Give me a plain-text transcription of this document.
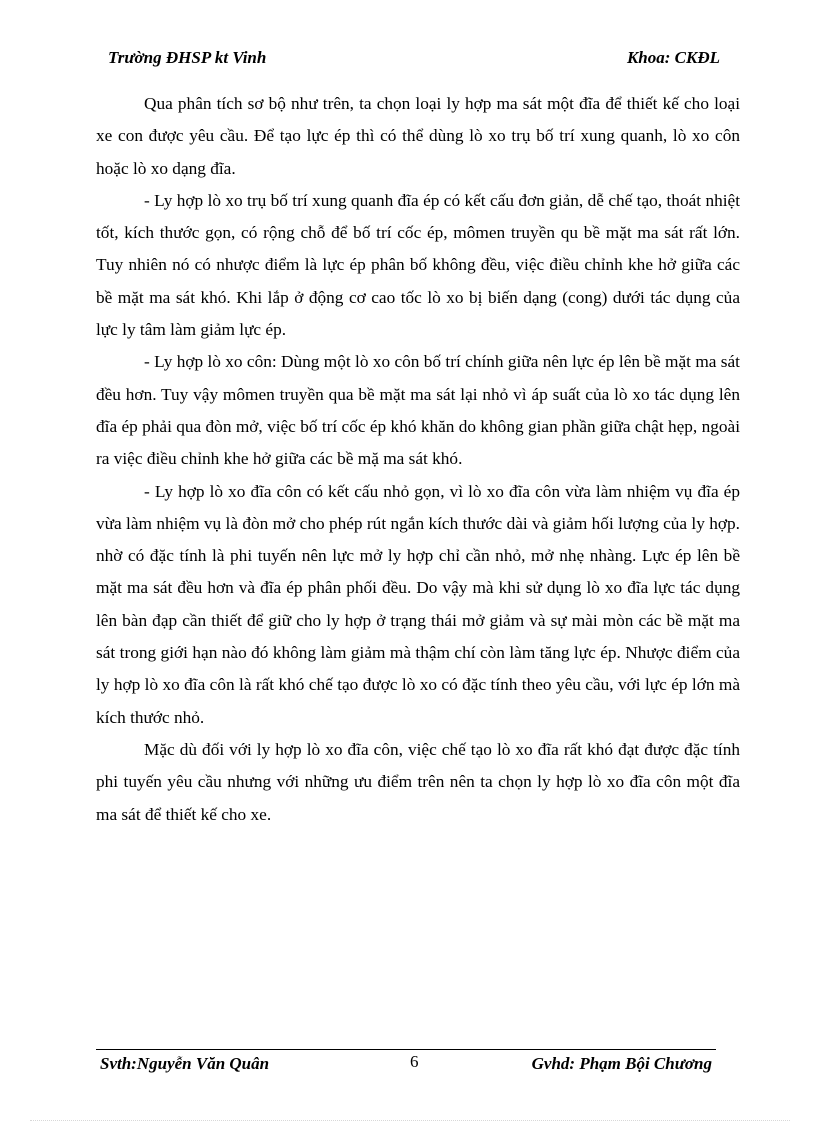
Trường ĐHSP kt Vinh	Khoa: CKĐL

Qua phân tích sơ bộ như trên, ta chọn loại ly hợp ma sát một đĩa để thiết kế cho loại xe con được yêu cầu. Để tạo lực ép thì có thể dùng lò xo trụ bố trí xung quanh, lò xo côn hoặc lò xo dạng đĩa.

- Ly hợp lò xo trụ bố trí xung quanh đĩa ép có kết cấu đơn giản, dễ chế tạo, thoát nhiệt tốt, kích thước gọn, có rộng chỗ để bố trí cốc ép, mômen truyền qu bề mặt ma sát rất lớn. Tuy nhiên nó có nhược điểm là lực ép phân bố không đều, việc điều chỉnh khe hở giữa các bề mặt ma sát khó. Khi lắp ở động cơ cao tốc lò xo bị biến dạng (cong) dưới tác dụng của lực ly tâm làm giảm lực ép.

- Ly hợp lò xo côn: Dùng một lò xo côn bố trí chính giữa nên lực ép lên bề mặt ma sát đều hơn. Tuy vậy mômen truyền qua bề mặt ma sát lại nhỏ vì áp suất của lò xo tác dụng lên đĩa ép phải qua đòn mở, việc bố trí cốc ép khó khăn do không gian phần giữa chật hẹp, ngoài ra việc điều chỉnh khe hở giữa các bề mặ ma sát khó.

- Ly hợp lò xo đĩa côn có kết cấu nhỏ gọn, vì lò xo đĩa côn vừa làm nhiệm vụ đĩa ép vừa làm nhiệm vụ là đòn mở cho phép rút ngắn kích thước dài và giảm hối lượng của ly hợp. nhờ có đặc tính là phi tuyến nên lực mở ly hợp chỉ cần nhỏ, mở nhẹ nhàng. Lực ép lên bề mặt ma sát đều hơn và đĩa ép phân phối đều. Do vậy mà khi sử dụng lò xo đĩa lực tác dụng lên bàn đạp cần thiết để giữ cho ly hợp ở trạng thái mở giảm và sự mài mòn các bề mặt ma sát trong giới hạn nào đó không làm giảm mà thậm chí còn làm tăng lực ép. Nhược điểm của ly hợp lò xo đĩa côn là rất khó chế tạo được lò xo có đặc tính theo yêu cầu, với lực ép lớn mà kích thước nhỏ.

Mặc dù đối với ly hợp lò xo đĩa côn, việc chế tạo lò xo đĩa rất khó đạt được đặc tính phi tuyến yêu cầu nhưng với những ưu điểm trên nên ta chọn ly hợp lò xo đĩa côn một đĩa ma sát để thiết kế cho xe.

Svth:Nguyễn Văn Quân	6	Gvhd: Phạm Bội Chương
